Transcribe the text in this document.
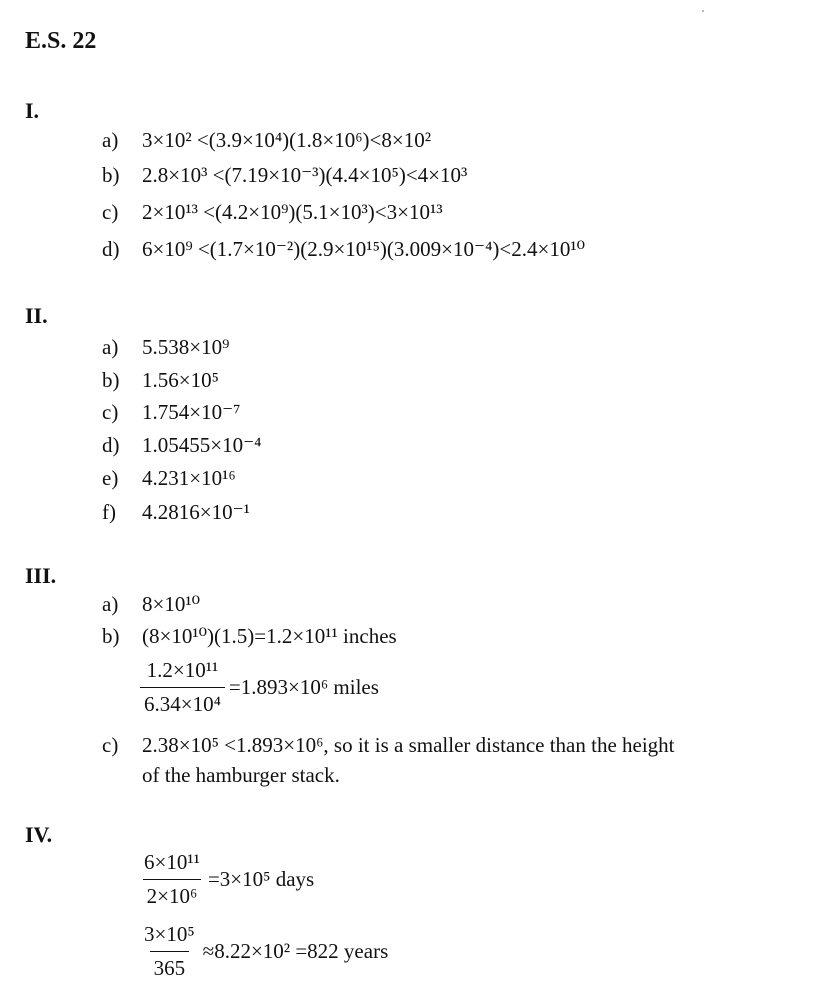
E.S. 22
I.
a) 3×10² <(3.9×10⁴)(1.8×10⁶)<8×10²
b) 2.8×10³ <(7.19×10⁻³)(4.4×10⁵)<4×10³
c) 2×10¹³ <(4.2×10⁹)(5.1×10³)<3×10¹³
d) 6×10⁹ <(1.7×10⁻²)(2.9×10¹⁵)(3.009×10⁻⁴)<2.4×10¹⁰
II.
a) 5.538×10⁹
b) 1.56×10⁵
c) 1.754×10⁻⁷
d) 1.05455×10⁻⁴
e) 4.231×10¹⁶
f) 4.2816×10⁻¹
III.
a) 8×10¹⁰
b) (8×10¹⁰)(1.5)=1.2×10¹¹ inches
$\frac{\text{1.2×10¹¹}}{\text{6.34×10⁴}} =1.893\times 10^6$ miles
c) 2.38×10⁵ <1.893×10⁶, so it is a smaller distance than the height
of the hamburger stack.
IV.
$\frac{\text{6×10¹¹}}{\text{2×10⁶}} =3\times 10^5$ days
$\frac{\text{3×10⁵}}{365} \approx 8.22\times 10^2 =822$ years
